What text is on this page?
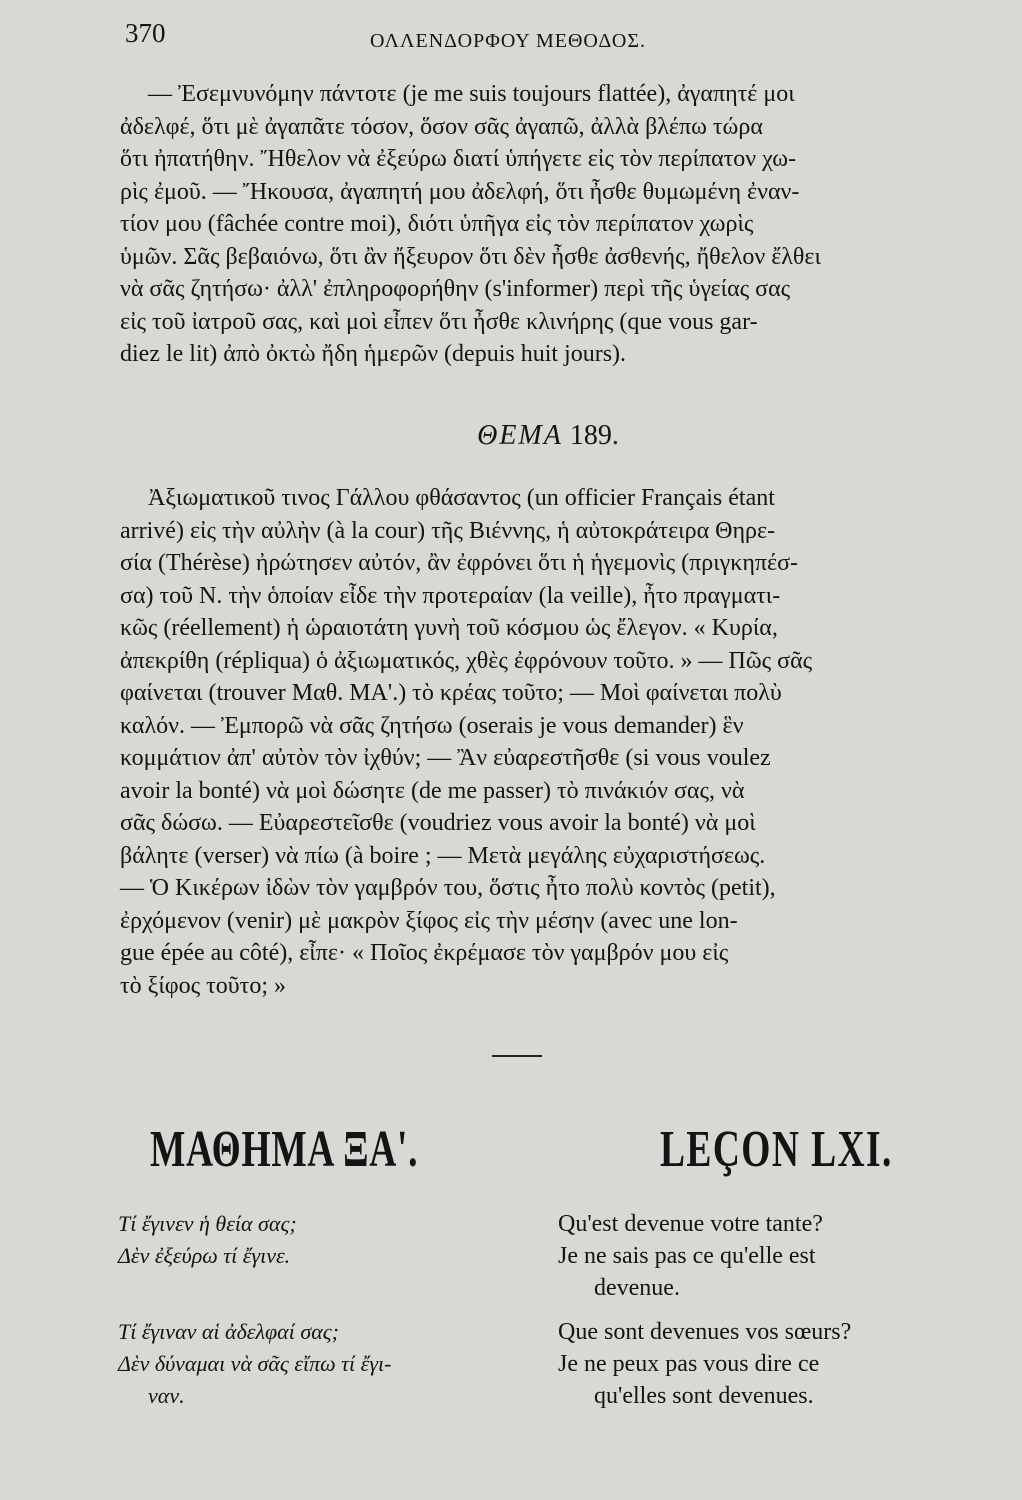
370	ΟΛΛΕΝΔΟΡΦΟΥ ΜΕΘΟΔΟΣ.
— Ἐσεμνυνόμην πάντοτε (je me suis toujours flattée), ἀγαπητέ μοι
ἀδελφέ, ὅτι μὲ ἀγαπᾶτε τόσον, ὅσον σᾶς ἀγαπῶ, ἀλλὰ βλέπω τώρα
ὅτι ἠπατήθην. Ἤθελον νὰ ἐξεύρω διατί ὑπήγετε εἰς τὸν περίπατον χω-
ρὶς ἐμοῦ. — Ἤκουσα, ἀγαπητή μου ἀδελφή, ὅτι ἦσθε θυμωμένη ἐναν-
τίον μου (fâchée contre moi), διότι ὑπῆγα εἰς τὸν περίπατον χωρὶς
ὑμῶν. Σᾶς βεβαιόνω, ὅτι ἂν ἤξευρον ὅτι δὲν ἦσθε ἀσθενής, ἤθελον ἔλθει
νὰ σᾶς ζητήσω· ἀλλ' ἐπληροφορήθην (s'informer) περὶ τῆς ὑγείας σας
εἰς τοῦ ἰατροῦ σας, καὶ μοὶ εἶπεν ὅτι ἦσθε κλινήρης (que vous gar-
diez le lit) ἀπὸ ὀκτὼ ἤδη ἡμερῶν (depuis huit jours).
ΘΕΜΑ 189.
Ἀξιωματικοῦ τινος Γάλλου φθάσαντος (un officier Français étant
arrivé) εἰς τὴν αὐλὴν (à la cour) τῆς Βιέννης, ἡ αὐτοκράτειρα Θηρε-
σία (Thérèse) ἠρώτησεν αὐτόν, ἂν ἐφρόνει ὅτι ἡ ἡγεμονὶς (πριγκηπέσ-
σα) τοῦ Ν. τὴν ὁποίαν εἶδε τὴν προτεραίαν (la veille), ἦτο πραγματι-
κῶς (réellement) ἡ ὡραιοτάτη γυνὴ τοῦ κόσμου ὡς ἔλεγον. « Κυρία,
ἀπεκρίθη (répliqua) ὁ ἀξιωματικός, χθὲς ἐφρόνουν τοῦτο. » — Πῶς σᾶς
φαίνεται (trouver Μαθ. ΜΑ'.) τὸ κρέας τοῦτο; — Μοὶ φαίνεται πολὺ
καλόν. — Ἐμπορῶ νὰ σᾶς ζητήσω (oserais je vous demander) ἓν
κομμάτιον ἀπ' αὐτὸν τὸν ἰχθύν; — Ἂν εὐαρεστῆσθε (si vous voulez
avoir la bonté) νὰ μοὶ δώσητε (de me passer) τὸ πινάκιόν σας, νὰ
σᾶς δώσω. — Εὐαρεστεῖσθε (voudriez vous avoir la bonté) νὰ μοὶ
βάλητε (verser) νὰ πίω (à boire ; — Μετὰ μεγάλης εὐχαριστήσεως.
— Ὁ Κικέρων ἰδὼν τὸν γαμβρόν του, ὅστις ἦτο πολὺ κοντὸς (petit),
ἐρχόμενον (venir) μὲ μακρὸν ξίφος εἰς τὴν μέσην (avec une lon-
gue épée au côté), εἶπε· « Ποῖος ἐκρέμασε τὸν γαμβρόν μου εἰς
τὸ ξίφος τοῦτο; »
ΜΑΘΗΜΑ ΞΑ'.	LEÇON LXI.
Τί ἔγινεν ἡ θεία σας;
Δὲν ἐξεύρω τί ἔγινε.
Qu'est devenue votre tante?
Je ne sais pas ce qu'elle est
devenue.
Τί ἔγιναν αἱ ἀδελφαί σας;
Δὲν δύναμαι νὰ σᾶς εἴπω τί ἔγι-
ναν.
Que sont devenues vos sœurs?
Je ne peux pas vous dire ce
qu'elles sont devenues.
